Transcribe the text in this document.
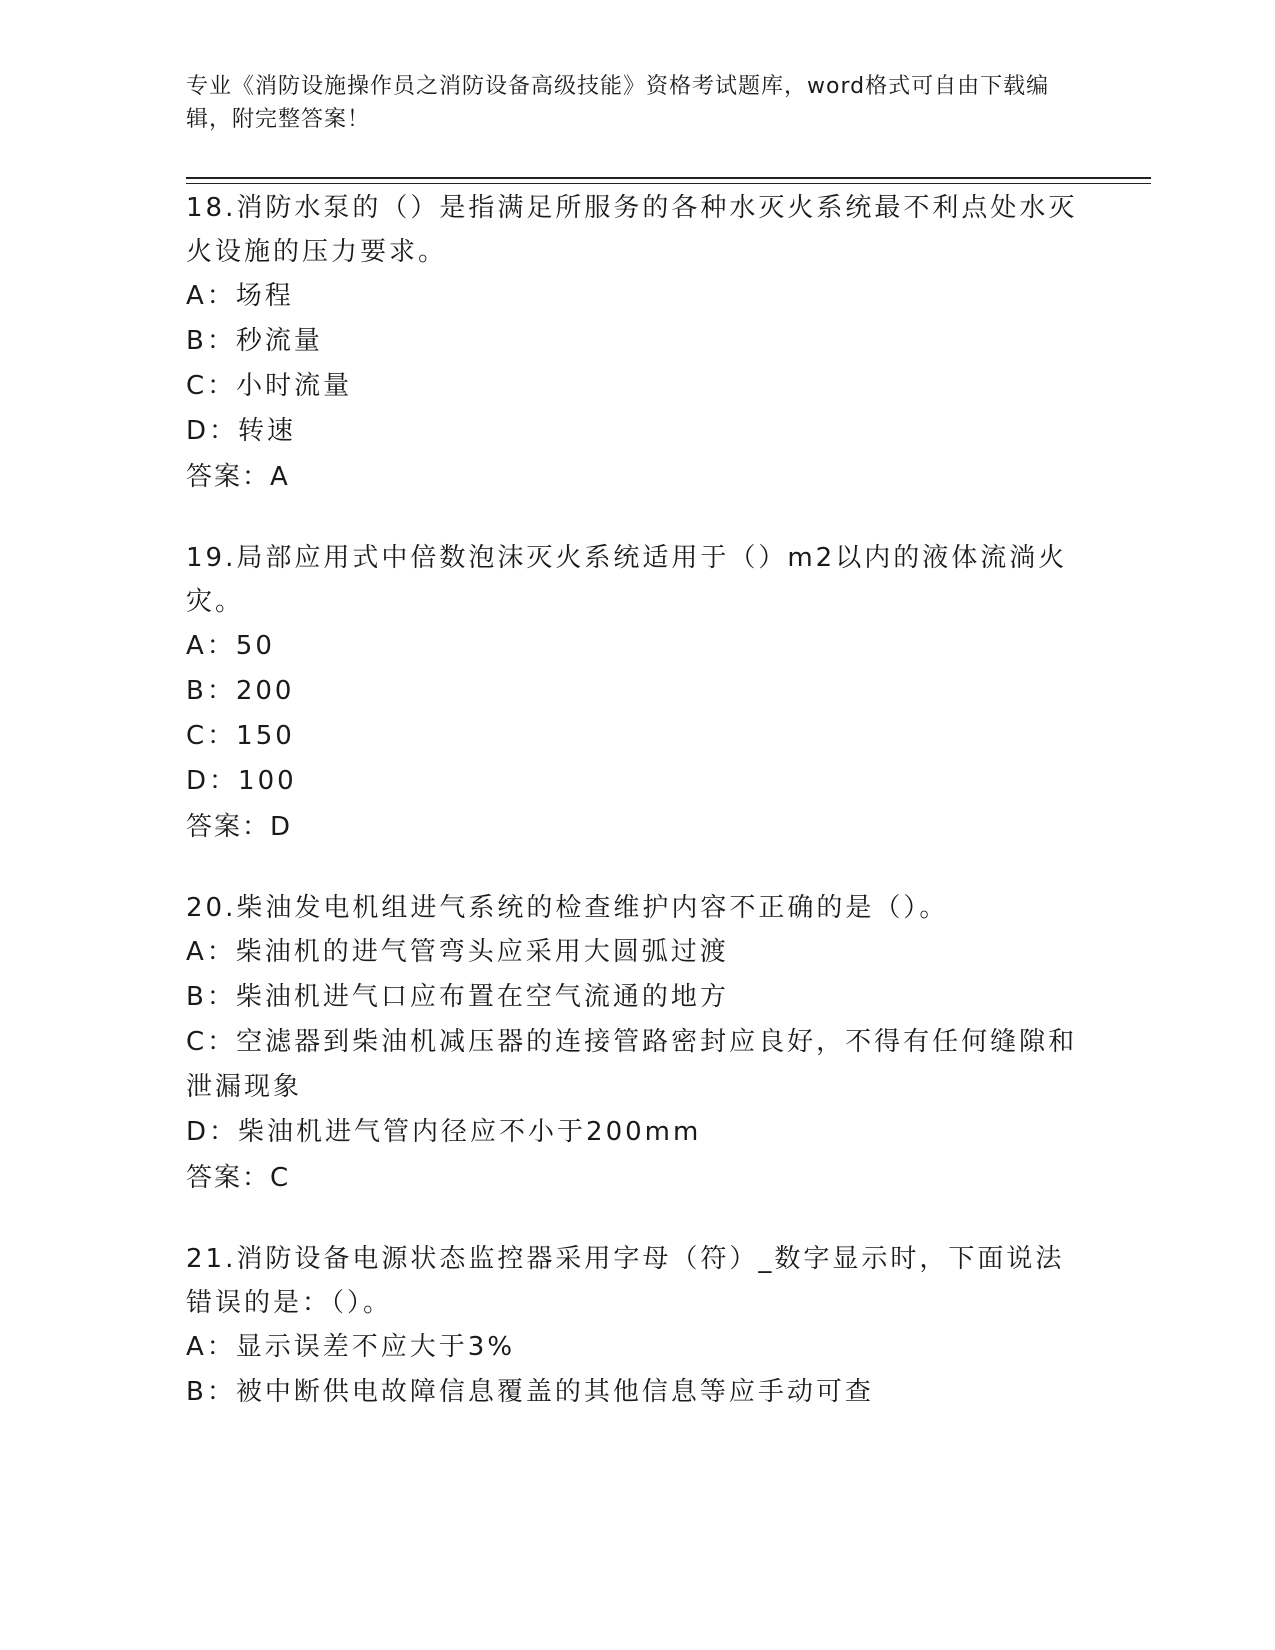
专业《消防设施操作员之消防设备高级技能》资格考试题库，word格式可自由下载编辑，附完整答案！

18.消防水泵的（）是指满足所服务的各种水灭火系统最不利点处水灭火设施的压力要求。

A：场程

B：秒流量

C：小时流量

D：转速

答案：A

19.局部应用式中倍数泡沫灭火系统适用于（）m2以内的液体流淌火灾。

A：50

B：200

C：150

D：100

答案：D

20.柴油发电机组进气系统的检查维护内容不正确的是（）。

A：柴油机的进气管弯头应采用大圆弧过渡

B：柴油机进气口应布置在空气流通的地方

C：空滤器到柴油机减压器的连接管路密封应良好，不得有任何缝隙和泄漏现象

D：柴油机进气管内径应不小于200mm

答案：C

21.消防设备电源状态监控器采用字母（符）_数字显示时，下面说法错误的是：（）。

A：显示误差不应大于3%

B：被中断供电故障信息覆盖的其他信息等应手动可查
